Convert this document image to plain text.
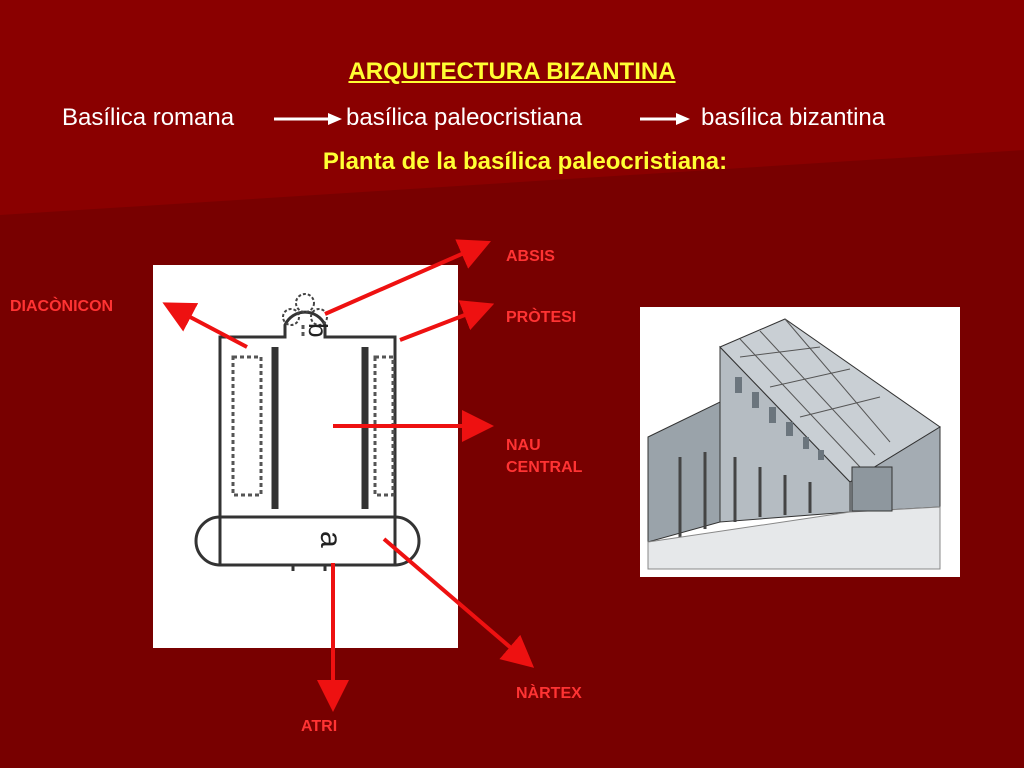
ARQUITECTURA BIZANTINA
Basílica romana	basílica paleocristiana	basílica bizantina
Planta de la basílica paleocristiana:
b
a
ABSIS
DIACÒNICON
PRÒTESI
NAU
CENTRAL
NÀRTEX
ATRI
